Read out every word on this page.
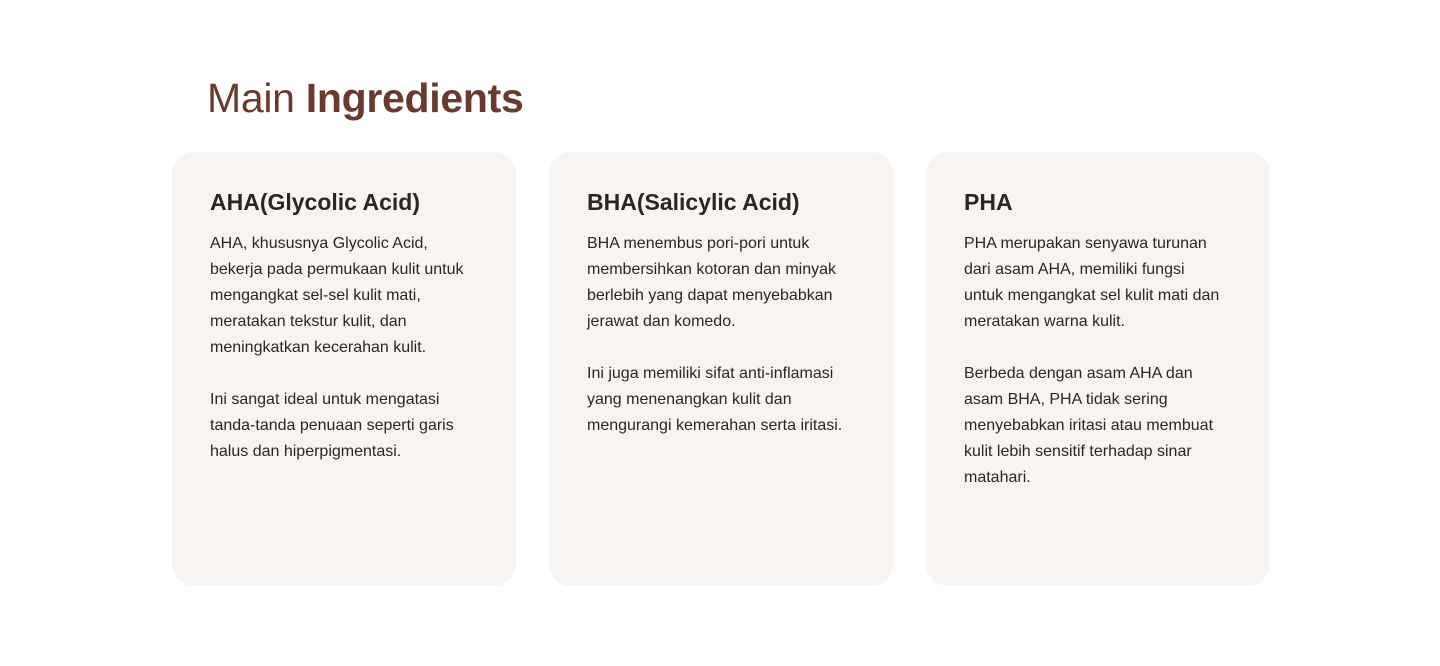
Main Ingredients
AHA(Glycolic Acid)

AHA, khususnya Glycolic Acid, bekerja pada permukaan kulit untuk mengangkat sel-sel kulit mati, meratakan tekstur kulit, dan meningkatkan kecerahan kulit.

Ini sangat ideal untuk mengatasi tanda-tanda penuaan seperti garis halus dan hiperpigmentasi.

BHA(Salicylic Acid)

BHA menembus pori-pori untuk membersihkan kotoran dan minyak berlebih yang dapat menyebabkan jerawat dan komedo.

Ini juga memiliki sifat anti-inflamasi yang menenangkan kulit dan mengurangi kemerahan serta iritasi.

PHA

PHA merupakan senyawa turunan dari asam AHA, memiliki fungsi untuk mengangkat sel kulit mati dan meratakan warna kulit.

Berbeda dengan asam AHA dan asam BHA, PHA tidak sering menyebabkan iritasi atau membuat kulit lebih sensitif terhadap sinar matahari.
